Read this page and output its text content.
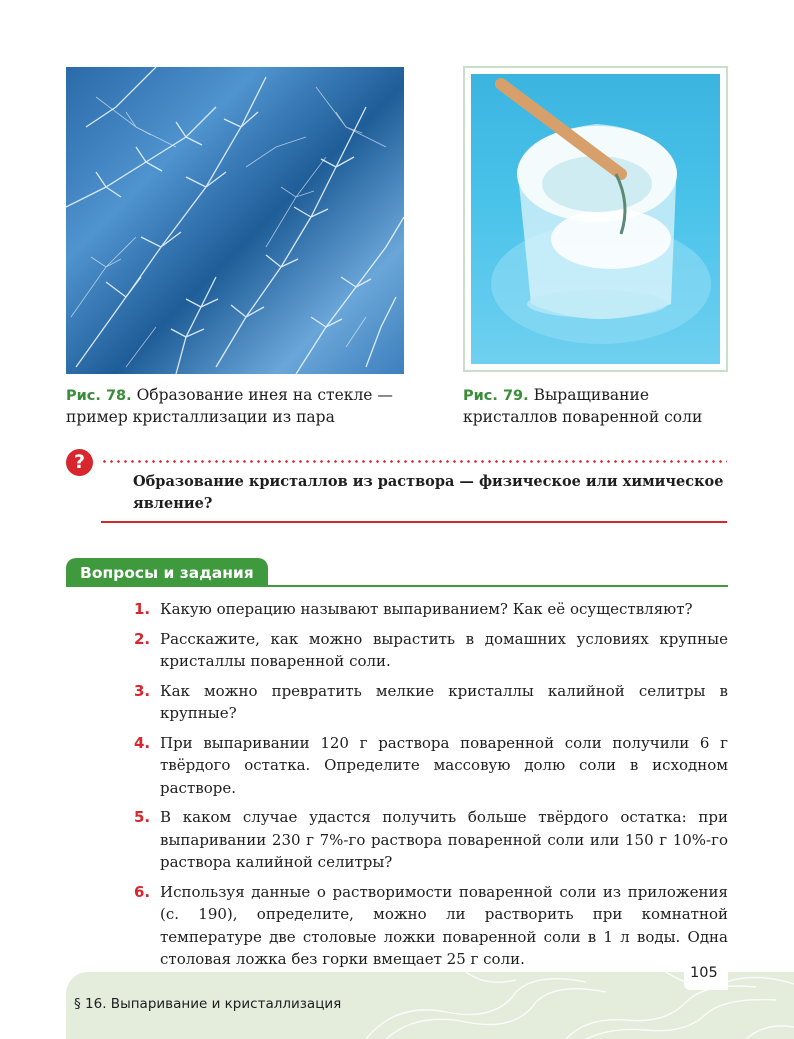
Рис. 78. Образование инея на стекле — пример кристаллизации из пара
Рис. 79. Выращивание кристаллов поваренной соли
?
Образование кристаллов из раствора — физическое или химическое явление?
Вопросы и задания
1. Какую операцию называют выпариванием? Как её осуществляют?
2. Расскажите, как можно вырастить в домашних условиях крупные кристаллы поваренной соли.
3. Как можно превратить мелкие кристаллы калийной селитры в крупные?
4. При выпаривании 120 г раствора поваренной соли получили 6 г твёрдого остатка. Определите массовую долю соли в исходном растворе.
5. В каком случае удастся получить больше твёрдого остатка: при выпаривании 230 г 7%-го раствора поваренной соли или 150 г 10%-го раствора калийной селитры?
6. Используя данные о растворимости поваренной соли из приложения (с. 190), определите, можно ли растворить при комнатной температуре две столовые ложки поваренной соли в 1 л воды. Одна столовая ложка без горки вмещает 25 г соли.
105
§ 16. Выпаривание и кристаллизация
